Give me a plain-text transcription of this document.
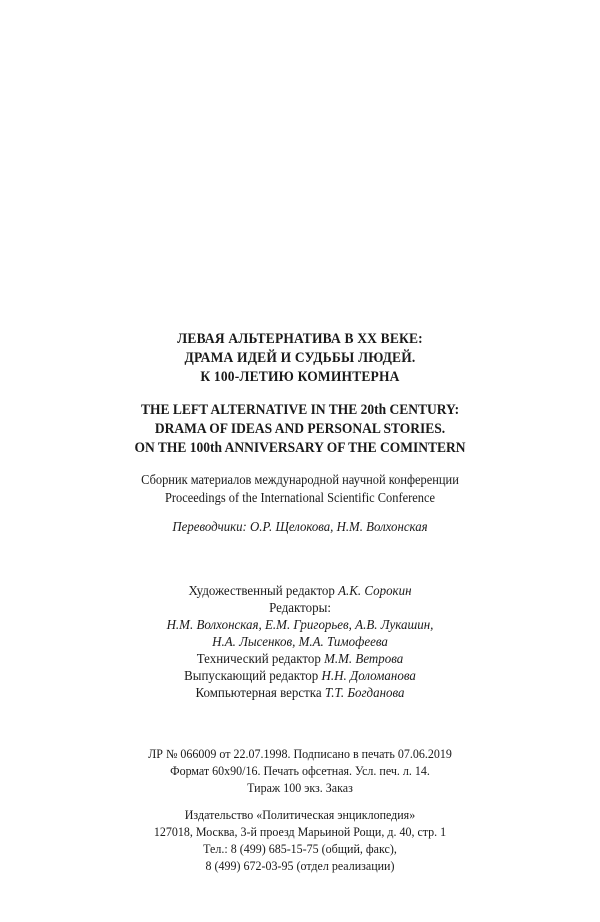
ЛЕВАЯ АЛЬТЕРНАТИВА В ХХ ВЕКЕ:
ДРАМА ИДЕЙ И СУДЬБЫ ЛЮДЕЙ.
К 100-ЛЕТИЮ КОМИНТЕРНА
THE LEFT ALTERNATIVE IN THE 20th CENTURY:
DRAMA OF IDEAS AND PERSONAL STORIES.
ON THE 100th ANNIVERSARY OF THE COMINTERN
Сборник материалов международной научной конференции
Proceedings of the International Scientific Conference
Переводчики: О.Р. Щелокова, Н.М. Волхонская
Художественный редактор А.К. Сорокин
Редакторы:
Н.М. Волхонская, Е.М. Григорьев, А.В. Лукашин,
Н.А. Лысенков, М.А. Тимофеева
Технический редактор М.М. Ветрова
Выпускающий редактор Н.Н. Доломанова
Компьютерная верстка Т.Т. Богданова
ЛР № 066009 от 22.07.1998. Подписано в печать 07.06.2019
Формат 60x90/16. Печать офсетная. Усл. печ. л. 14.
Тираж 100 экз. Заказ
Издательство «Политическая энциклопедия»
127018, Москва, 3-й проезд Марьиной Рощи, д. 40, стр. 1
Тел.: 8 (499) 685-15-75 (общий, факс),
8 (499) 672-03-95 (отдел реализации)
